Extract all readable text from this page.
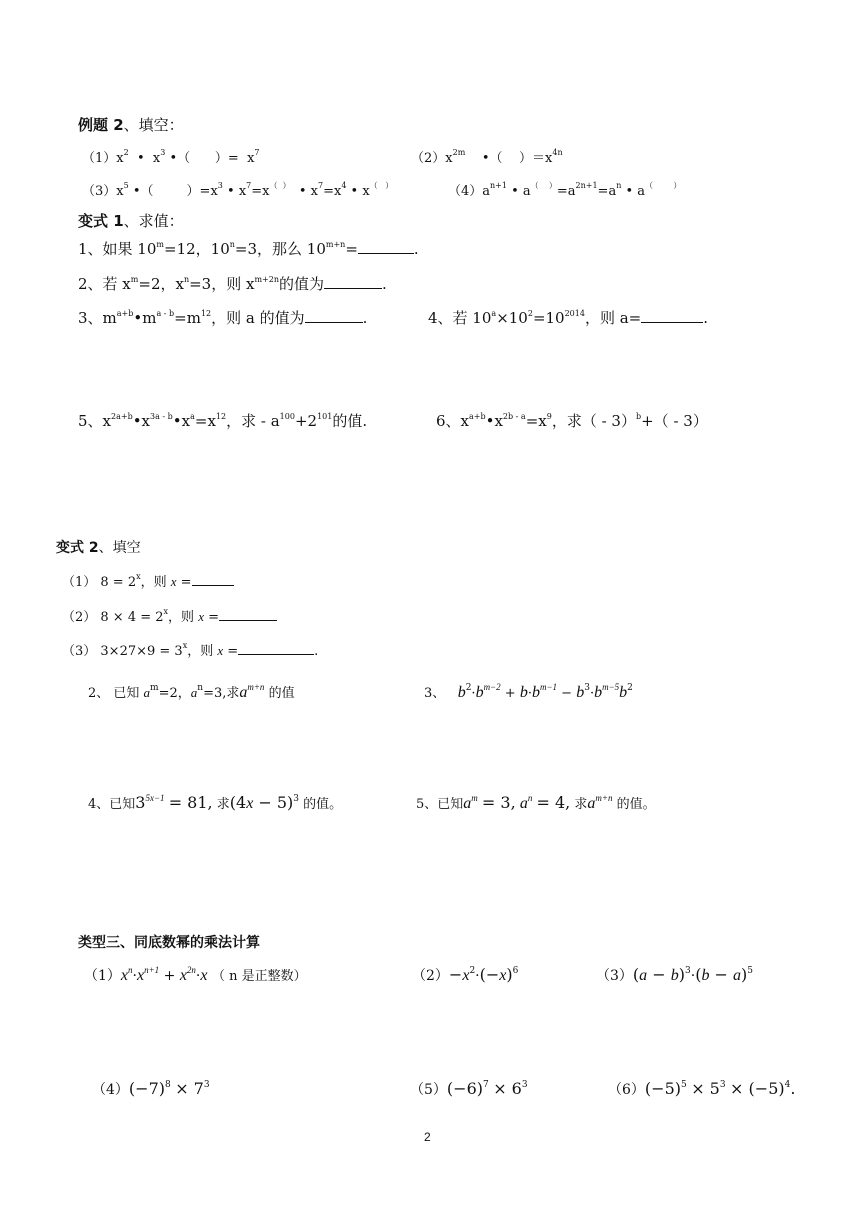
例题 2、填空：
$(1)x^2$  •  $x^3$ •（      ）=  $x^7$	$(2)x^{2m}$    •（    ）$=x^{4n}$
$(3)x^5$ •（        ）$=x^3$ • $x^7=x^{( )}$  • $x^7=x^4$ • x（   ）	$(4)a^{n+1}$ • $a^{( )}=a^{2n+1}=a^n$ • a（        ）
变式 1、求值：
1、如果 $10^m=12$，$10^n=3$，那么 $10^{m+n}=$	.
2、若 $x^m=2$，$x^n=3$，则 $x^{m+2n}$的值为	.
3、$m^{a+b}•m^{a - b}=m^{12}$，则 a 的值为	.	4、若 $10^a\times 10^2=10^{2014}$，则 a=	.
5、$x^{2a+b}•x^{3a - b}•x^a=x^{12}$，求 - $a^{100}+2^{101}$的值.	6、$x^{a+b}•x^{2b - a}=x^9$，求（ - 3）$^b$+（ - 3）
变式 2、填空
（1） $8 = 2^x$，则 x =
（2） $8 \times 4 = 2^x$，则 x =
（3） $3\times 27\times 9 = 3^x$，则 x =	.
2、 已知 $a^m=2$，$a^n=3$,求$a^{m+n}$ 的值	3、 $b^2\cdot b^{m-2} + b\cdot b^{m-1} - b^3\cdot b^{m-5}b^2$
4、已知$3^{5x-1} = 81$, 求$(4x - 5)^3$ 的值。	5、已知$a^m = 3$, $a^n = 4$, 求$a^{m+n}$ 的值。
类型三、同底数幂的乘法计算
$(1)x^n\cdot x^{n+1} + x^{2n}\cdot x$ （ n 是正整数）	$(2)-x^2\cdot(-x)^6$	$(3)(a - b)^3\cdot(b - a)^5$
$(4)(-7)^8 \times 7^3$	$(5)(-6)^7 \times 6^3$	$(6)(-5)^5 \times 5^3 \times (-5)^4$.
2
